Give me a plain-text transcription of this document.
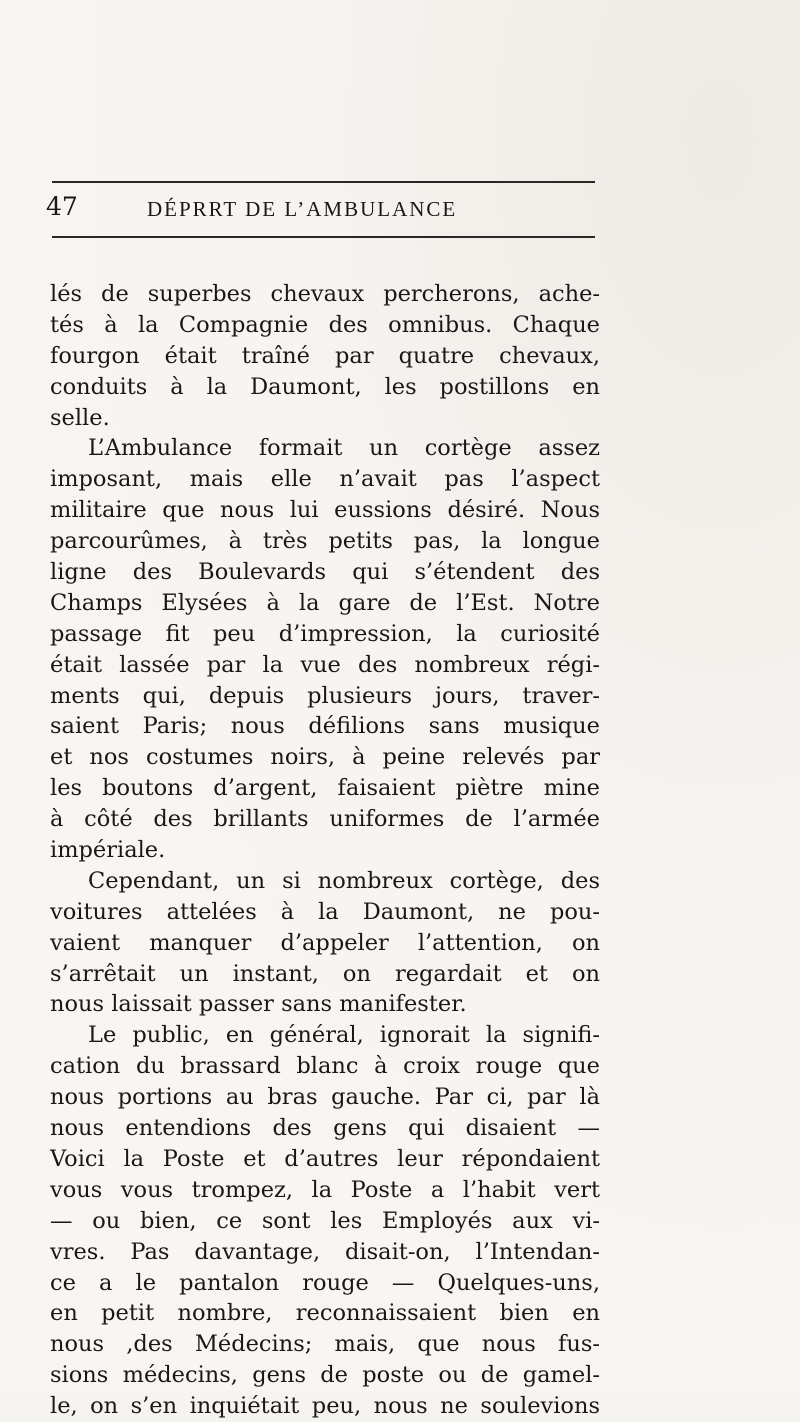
47	DÉPRRT DE L’AMBULANCE
lés de superbes chevaux percherons, ache-
tés à la Compagnie des omnibus. Chaque
fourgon était traîné par quatre chevaux,
conduits à la Daumont, les postillons en
selle.
L’Ambulance formait un cortège assez
imposant, mais elle n’avait pas l’aspect
militaire que nous lui eussions désiré. Nous
parcourûmes, à très petits pas, la longue
ligne des Boulevards qui s’étendent des
Champs Elysées à la gare de l’Est. Notre
passage fit peu d’impression, la curiosité
était lassée par la vue des nombreux régi-
ments qui, depuis plusieurs jours, traver-
saient Paris; nous défilions sans musique
et nos costumes noirs, à peine relevés par
les boutons d’argent, faisaient piètre mine
à côté des brillants uniformes de l’armée
impériale.
Cependant, un si nombreux cortège, des
voitures attelées à la Daumont, ne pou-
vaient manquer d’appeler l’attention, on
s’arrêtait un instant, on regardait et on
nous laissait passer sans manifester.
Le public, en général, ignorait la signifi-
cation du brassard blanc à croix rouge que
nous portions au bras gauche. Par ci, par là
nous entendions des gens qui disaient —
Voici la Poste et d’autres leur répondaient
vous vous trompez, la Poste a l’habit vert
— ou bien, ce sont les Employés aux vi-
vres. Pas davantage, disait-on, l’Intendan-
ce a le pantalon rouge — Quelques-uns,
en petit nombre, reconnaissaient bien en
nous ,des Médecins; mais, que nous fus-
sions médecins, gens de poste ou de gamel-
le, on s’en inquiétait peu, nous ne soulevions
